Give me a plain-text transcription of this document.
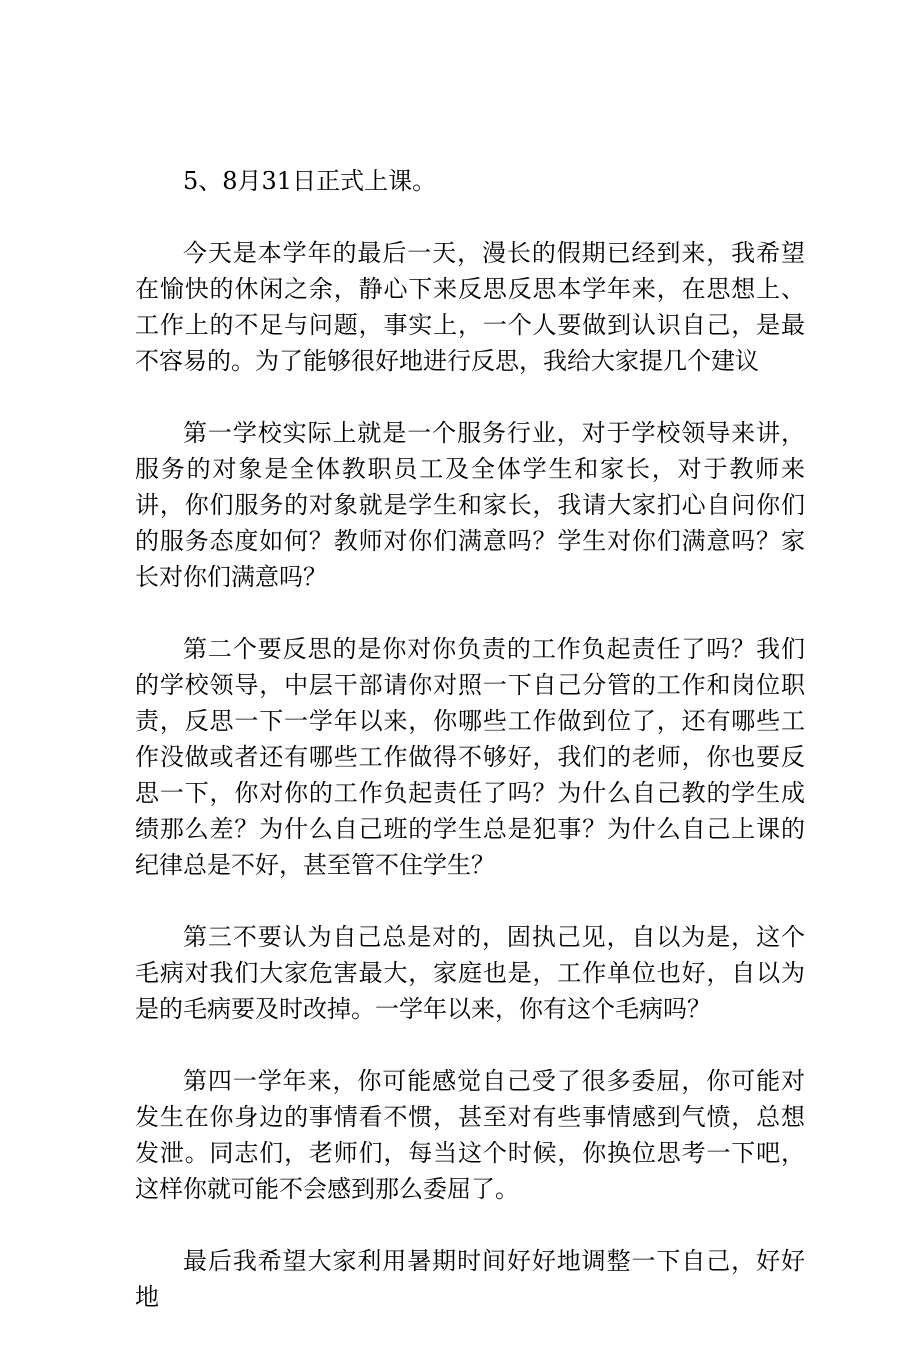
5、8月31日正式上课。

今天是本学年的最后一天，漫长的假期已经到来，我希望在愉快的休闲之余，静心下来反思反思本学年来，在思想上、工作上的不足与问题，事实上，一个人要做到认识自己，是最不容易的。为了能够很好地进行反思，我给大家提几个建议

第一学校实际上就是一个服务行业，对于学校领导来讲，服务的对象是全体教职员工及全体学生和家长，对于教师来讲，你们服务的对象就是学生和家长，我请大家扪心自问你们的服务态度如何？教师对你们满意吗？学生对你们满意吗？家长对你们满意吗？

第二个要反思的是你对你负责的工作负起责任了吗？我们的学校领导，中层干部请你对照一下自己分管的工作和岗位职责，反思一下一学年以来，你哪些工作做到位了，还有哪些工作没做或者还有哪些工作做得不够好，我们的老师，你也要反思一下，你对你的工作负起责任了吗？为什么自己教的学生成绩那么差？为什么自己班的学生总是犯事？为什么自己上课的纪律总是不好，甚至管不住学生？

第三不要认为自己总是对的，固执己见，自以为是，这个毛病对我们大家危害最大，家庭也是，工作单位也好，自以为是的毛病要及时改掉。一学年以来，你有这个毛病吗？

第四一学年来，你可能感觉自己受了很多委屈，你可能对发生在你身边的事情看不惯，甚至对有些事情感到气愤，总想发泄。同志们，老师们，每当这个时候，你换位思考一下吧，这样你就可能不会感到那么委屈了。

最后我希望大家利用暑期时间好好地调整一下自己，好好地
